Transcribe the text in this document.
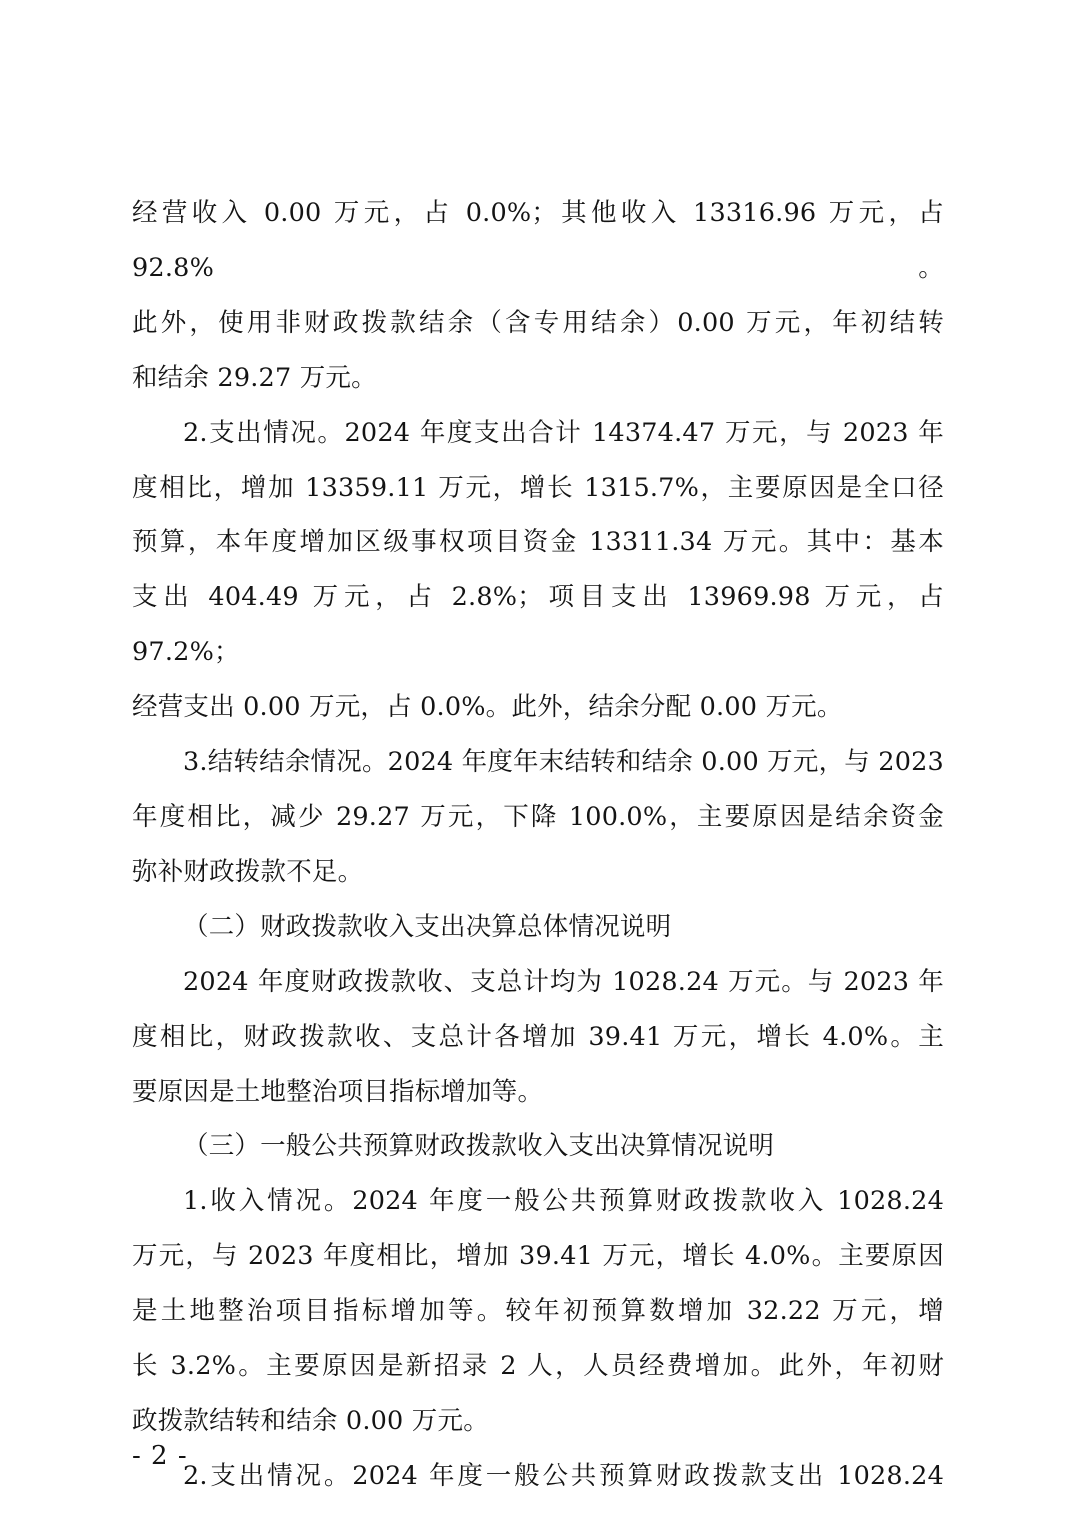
经营收入 0.00 万元，占 0.0%；其他收入 13316.96 万元，占 92.8%。

此外，使用非财政拨款结余（含专用结余）0.00 万元，年初结转

和结余 29.27 万元。

2.支出情况。2024 年度支出合计 14374.47 万元，与 2023 年

度相比，增加 13359.11 万元，增长 1315.7%，主要原因是全口径

预算，本年度增加区级事权项目资金 13311.34 万元。其中：基本

支出 404.49 万元，占 2.8%；项目支出 13969.98 万元，占 97.2%；

经营支出 0.00 万元，占 0.0%。此外，结余分配 0.00 万元。

3.结转结余情况。2024 年度年末结转和结余 0.00 万元，与 2023

年度相比，减少 29.27 万元，下降 100.0%，主要原因是结余资金

弥补财政拨款不足。

（二）财政拨款收入支出决算总体情况说明

2024 年度财政拨款收、支总计均为 1028.24 万元。与 2023 年

度相比，财政拨款收、支总计各增加 39.41 万元，增长 4.0%。主

要原因是土地整治项目指标增加等。

（三）一般公共预算财政拨款收入支出决算情况说明

1.收入情况。2024 年度一般公共预算财政拨款收入 1028.24

万元，与 2023 年度相比，增加 39.41 万元，增长 4.0%。主要原因

是土地整治项目指标增加等。较年初预算数增加 32.22 万元，增

长 3.2%。主要原因是新招录 2 人，人员经费增加。此外，年初财

政拨款结转和结余 0.00 万元。

2.支出情况。2024 年度一般公共预算财政拨款支出 1028.24

- 2 -
